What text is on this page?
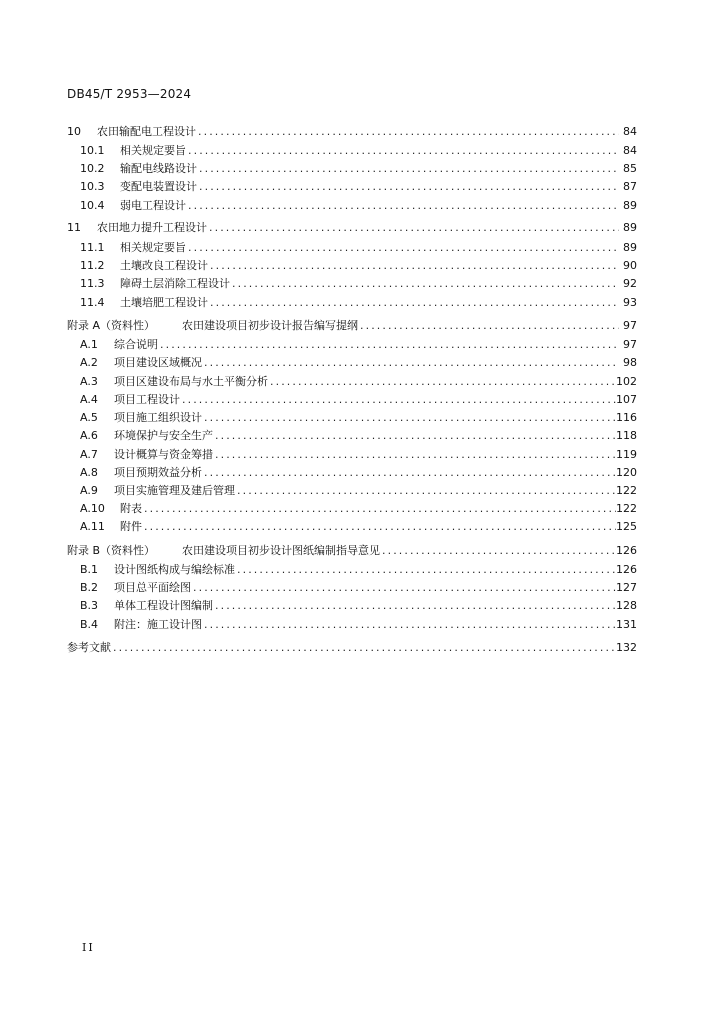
DB45/T 2953—2024
10	农田输配电工程设计 .....	84
10.1	相关规定要旨 .....	84
10.2	输配电线路设计 .....	85
10.3	变配电装置设计 .....	87
10.4	弱电工程设计 .....	89
11	农田地力提升工程设计 .....	89
11.1	相关规定要旨 .....	89
11.2	土壤改良工程设计 .....	90
11.3	障碍土层消除工程设计 .....	92
11.4	土壤培肥工程设计 .....	93
附录 A（资料性）	农田建设项目初步设计报告编写提纲 .....	97
A.1	综合说明 .....	97
A.2	项目建设区域概况 .....	98
A.3	项目区建设布局与水土平衡分析 .....	102
A.4	项目工程设计 .....	107
A.5	项目施工组织设计 .....	116
A.6	环境保护与安全生产 .....	118
A.7	设计概算与资金筹措 .....	119
A.8	项目预期效益分析 .....	120
A.9	项目实施管理及建后管理 .....	122
A.10	附表 .....	122
A.11	附件 .....	125
附录 B（资料性）	农田建设项目初步设计图纸编制指导意见 .....	126
B.1	设计图纸构成与编绘标准 .....	126
B.2	项目总平面绘图 .....	127
B.3	单体工程设计图编制 .....	128
B.4	附注：施工设计图 .....	131
参考文献 .....	132
II
